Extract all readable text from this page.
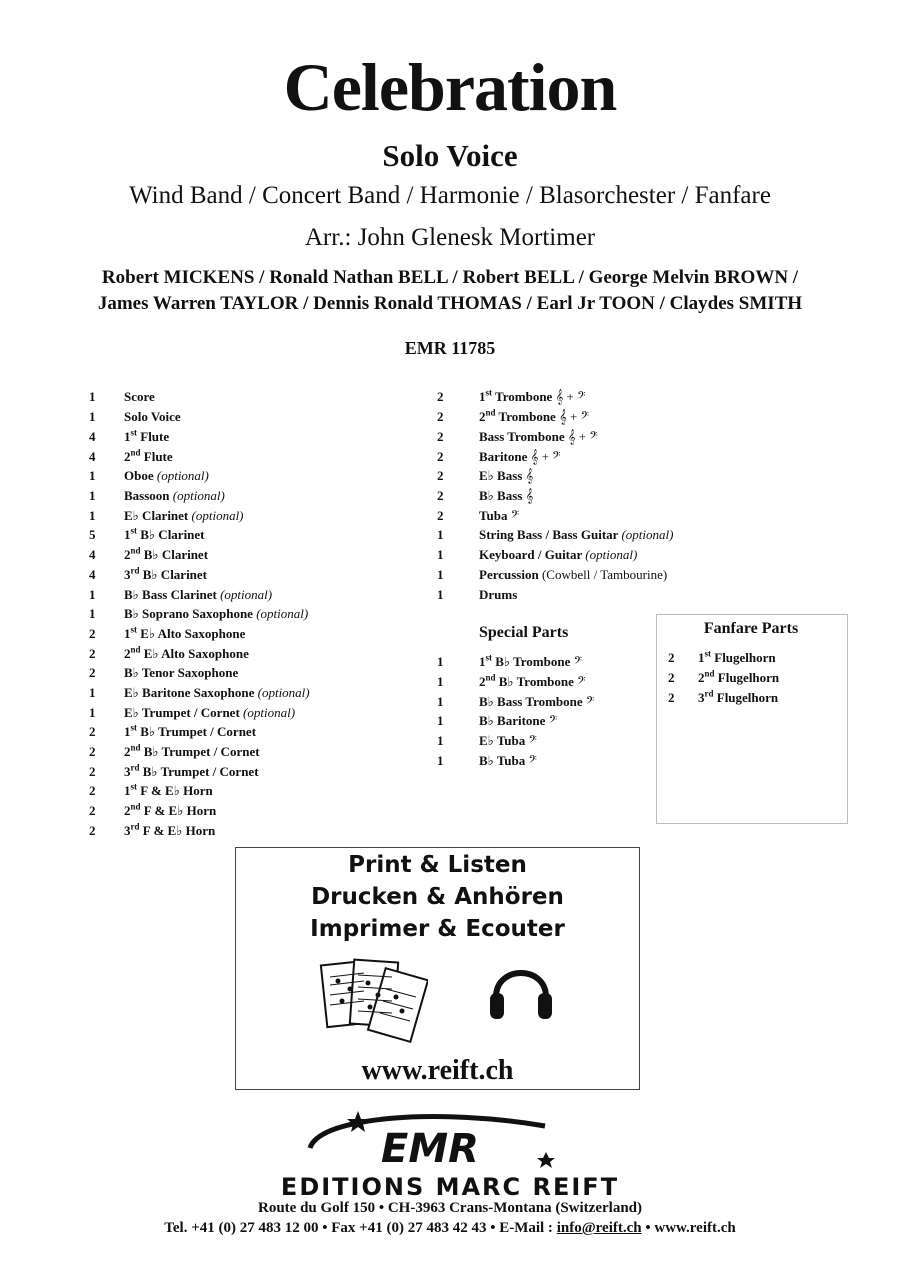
Celebration
Solo Voice
Wind Band / Concert Band / Harmonie / Blasorchester / Fanfare
Arr.: John Glenesk Mortimer
Robert MICKENS / Ronald Nathan BELL / Robert BELL / George Melvin BROWN /
James Warren TAYLOR / Dennis Ronald THOMAS / Earl Jr TOON / Claydes SMITH
EMR 11785
1	Score
1	Solo Voice
4	1st Flute
4	2nd Flute
1	Oboe (optional)
1	Bassoon (optional)
1	E♭ Clarinet (optional)
5	1st B♭ Clarinet
4	2nd B♭ Clarinet
4	3rd B♭ Clarinet
1	B♭ Bass Clarinet (optional)
1	B♭ Soprano Saxophone (optional)
2	1st E♭ Alto Saxophone
2	2nd E♭ Alto Saxophone
2	B♭ Tenor Saxophone
1	E♭ Baritone Saxophone (optional)
1	E♭ Trumpet / Cornet (optional)
2	1st B♭ Trumpet / Cornet
2	2nd B♭ Trumpet / Cornet
2	3rd B♭ Trumpet / Cornet
2	1st F & E♭ Horn
2	2nd F & E♭ Horn
2	3rd F & E♭ Horn
2	1st Trombone 𝄞 + 𝄢
2	2nd Trombone 𝄞 + 𝄢
2	Bass Trombone 𝄞 + 𝄢
2	Baritone 𝄞 + 𝄢
2	E♭ Bass 𝄞
2	B♭ Bass 𝄞
2	Tuba 𝄢
1	String Bass / Bass Guitar (optional)
1	Keyboard / Guitar (optional)
1	Percussion (Cowbell / Tambourine)
1	Drums
Special Parts
1	1st B♭ Trombone 𝄢
1	2nd B♭ Trombone 𝄢
1	B♭ Bass Trombone 𝄢
1	B♭ Baritone 𝄢
1	E♭ Tuba 𝄢
1	B♭ Tuba 𝄢
Fanfare Parts
2	1st Flugelhorn
2	2nd Flugelhorn
2	3rd Flugelhorn
Print & Listen
Drucken & Anhören
Imprimer & Ecouter
www.reift.ch
EMR
EDITIONS MARC REIFT
Route du Golf 150 • CH-3963 Crans-Montana (Switzerland)
Tel. +41 (0) 27 483 12 00 • Fax +41 (0) 27 483 42 43 • E-Mail : info@reift.ch • www.reift.ch
